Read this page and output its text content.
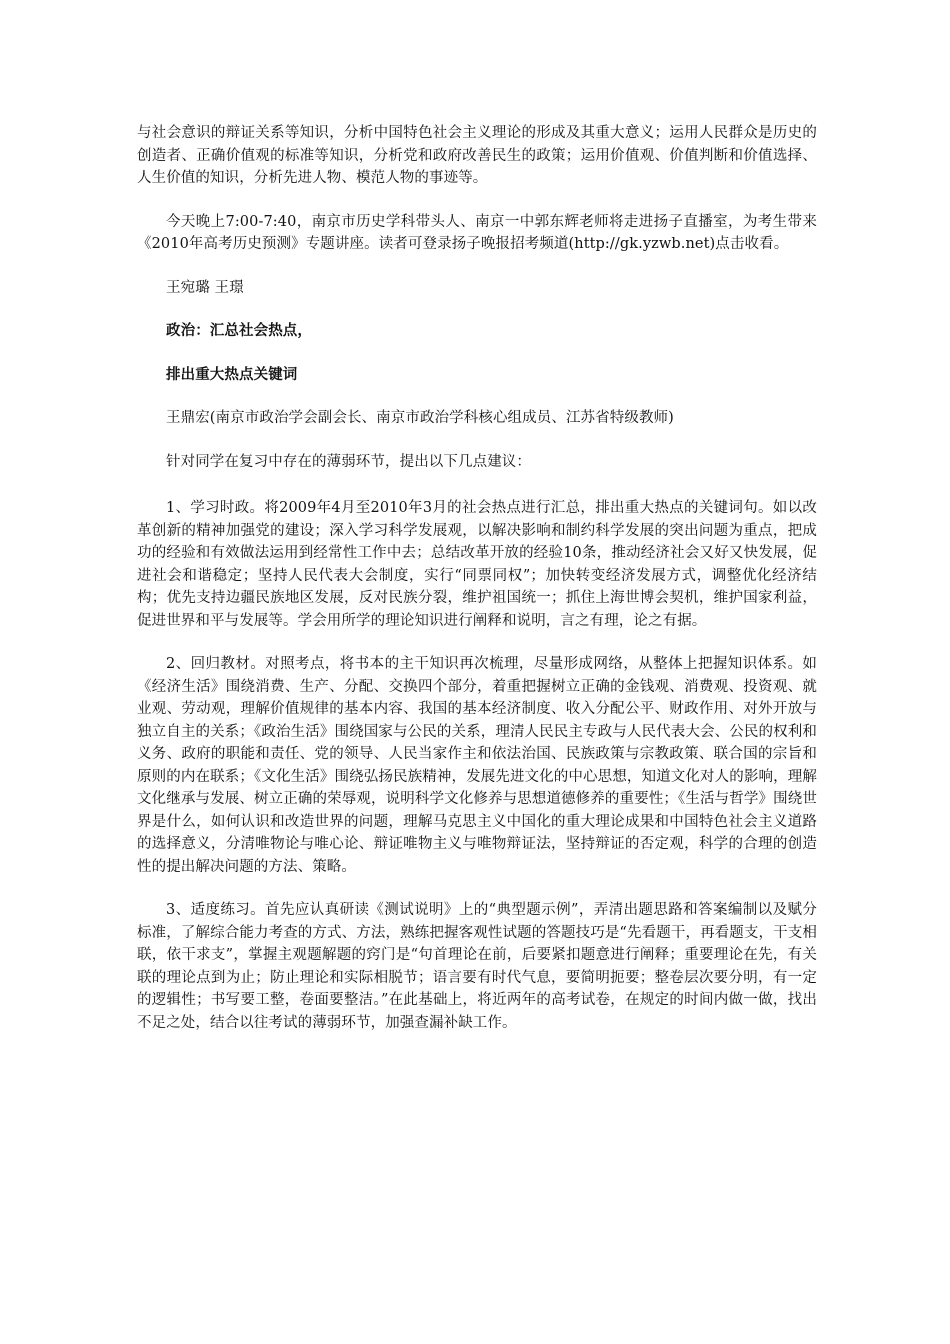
与社会意识的辩证关系等知识，分析中国特色社会主义理论的形成及其重大意义；运用人民群众是历史的创造者、正确价值观的标准等知识，分析党和政府改善民生的政策；运用价值观、价值判断和价值选择、人生价值的知识，分析先进人物、模范人物的事迹等。

今天晚上7:00-7:40，南京市历史学科带头人、南京一中郭东辉老师将走进扬子直播室，为考生带来《2010年高考历史预测》专题讲座。读者可登录扬子晚报招考频道(http://gk.yzwb.net)点击收看。

王宛璐 王璟

政治：汇总社会热点，

排出重大热点关键词

王鼎宏(南京市政治学会副会长、南京市政治学科核心组成员、江苏省特级教师)

针对同学在复习中存在的薄弱环节，提出以下几点建议：

1、学习时政。将2009年4月至2010年3月的社会热点进行汇总，排出重大热点的关键词句。如以改革创新的精神加强党的建设；深入学习科学发展观，以解决影响和制约科学发展的突出问题为重点，把成功的经验和有效做法运用到经常性工作中去；总结改革开放的经验10条，推动经济社会又好又快发展，促进社会和谐稳定；坚持人民代表大会制度，实行“同票同权”；加快转变经济发展方式，调整优化经济结构；优先支持边疆民族地区发展，反对民族分裂，维护祖国统一；抓住上海世博会契机，维护国家利益，促进世界和平与发展等。学会用所学的理论知识进行阐释和说明，言之有理，论之有据。

2、回归教材。对照考点，将书本的主干知识再次梳理，尽量形成网络，从整体上把握知识体系。如《经济生活》围绕消费、生产、分配、交换四个部分，着重把握树立正确的金钱观、消费观、投资观、就业观、劳动观，理解价值规律的基本内容、我国的基本经济制度、收入分配公平、财政作用、对外开放与独立自主的关系；《政治生活》围绕国家与公民的关系，理清人民民主专政与人民代表大会、公民的权利和义务、政府的职能和责任、党的领导、人民当家作主和依法治国、民族政策与宗教政策、联合国的宗旨和原则的内在联系；《文化生活》围绕弘扬民族精神，发展先进文化的中心思想，知道文化对人的影响，理解文化继承与发展、树立正确的荣辱观，说明科学文化修养与思想道德修养的重要性；《生活与哲学》围绕世界是什么，如何认识和改造世界的问题，理解马克思主义中国化的重大理论成果和中国特色社会主义道路的选择意义，分清唯物论与唯心论、辩证唯物主义与唯物辩证法，坚持辩证的否定观，科学的合理的创造性的提出解决问题的方法、策略。

3、适度练习。首先应认真研读《测试说明》上的“典型题示例”，弄清出题思路和答案编制以及赋分标准，了解综合能力考查的方式、方法，熟练把握客观性试题的答题技巧是“先看题干，再看题支，干支相联，依干求支”，掌握主观题解题的窍门是“句首理论在前，后要紧扣题意进行阐释；重要理论在先，有关联的理论点到为止；防止理论和实际相脱节；语言要有时代气息，要简明扼要；整卷层次要分明，有一定的逻辑性；书写要工整，卷面要整洁。”在此基础上，将近两年的高考试卷，在规定的时间内做一做，找出不足之处，结合以往考试的薄弱环节，加强查漏补缺工作。
